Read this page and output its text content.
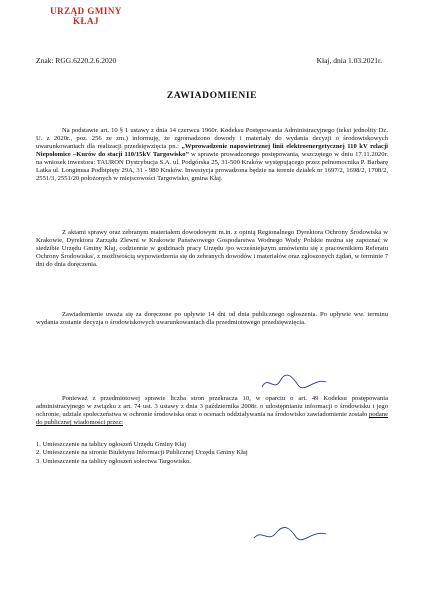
URZĄD GMINY
KŁAJ
Znak: RGG.6220.2.6.2020	Kłaj, dnia 1.03.2021r.
ZAWIADOMIENIE

Na podstawie art. 10 § 1 ustawy z dnia 14 czerwca 1960r. Kodeksu Postępowania Administracyjnego (tekst jednolity Dz. U. z 2020r., poz. 256 ze zm.) informuję, że zgromadzono dowody i materiały do wydania decyzji o środowiskowych uwarunkowaniach dla realizacji przedsięwzięcia pn.: „Wprowadzenie napowietrznej linii elektroenergetycznej 110 kV relacji Niepołomice –Kurów do stacji 110/15kV Targowisko” w sprawie prowadzonego postępowania, wszczętego w dniu 17.11.2020r. na wniosek inwestora: TAURON Dystrybucja S.A. ul. Podgórska 25, 31-500 Kraków występującego przez pełnomocnika P. Barbarę Latka ul. Longinusa Podbipięty 29A, 31 - 980 Kraków. Inwestycja prowadzona będzie na terenie działek nr 1697/2, 1698/2, 1708/2, 2551/3, 2551/20 położonych w miejscowości Targowisko, gmina Kłaj.

Z aktami sprawy oraz zebranym materiałem dowodowym m.in. z opinią Regionalnego Dyrektora Ochrony Środowiska w Krakowie, Dyrektora Zarządu Zlewni w Krakowie Państwowego Gospodarstwa Wodnego Wody Polskie można się zapoznać w siedzibie Urzędu Gminy Kłaj, codziennie w godzinach pracy Urzędu /po wcześniejszym umówieniu się z pracownikiem Referatu Ochrony Środowiska/, z możliwością wypowiedzenia się do zebranych dowodów i materiałów oraz zgłoszonych żądań, w terminie 7 dni do dnia doręczenia.

Zawiadomienie uważa się za doręczone po upływie 14 dni od dnia publicznego ogłoszenia. Po upływie ww. terminu wydania zostanie decyzja o środowiskowych uwarunkowaniach dla przedmiotowego przedsięwzięcia.

Ponieważ z przedmiotowej sprawie liczba stron przekracza 10, w oparciu o art. 49 Kodeksu postępowania administracyjnego w związku z art. 74 ust. 3 ustawy z dnia 3 października 2008r. o udostępnianiu informacji o środowisku i jego ochronie, udziale społeczeństwa w ochronie środowiska oraz o ocenach oddziaływania na środowisko zawiadomienie zostało podane do publicznej wiadomości przez:

1. Umieszczenie na tablicy ogłoszeń Urzędu Gminy Kłaj
2. Umieszczenie na stronie Biuletynu Informacji Publicznej Urzędu Gminy Kłaj
3. Umieszczenie na tablicy ogłoszeń sołectwa Targowisko.
